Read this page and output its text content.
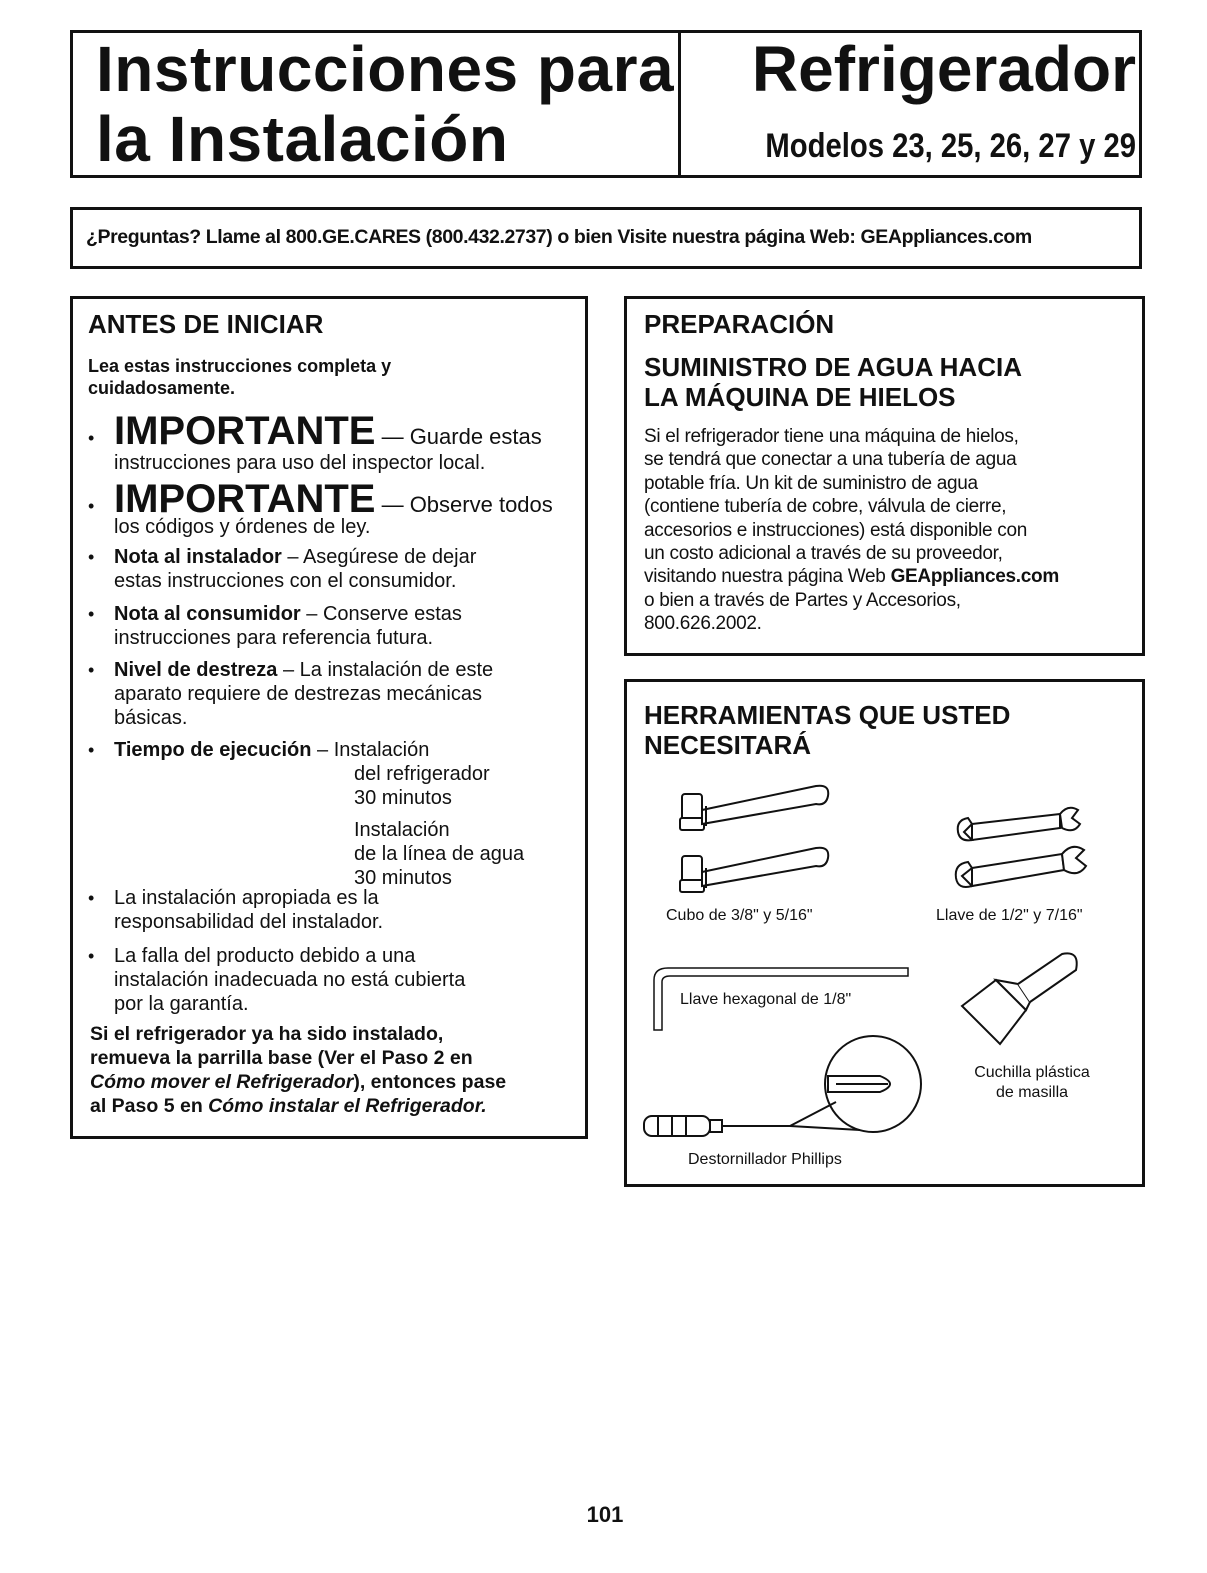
Instrucciones para
la Instalación
Refrigerador
Modelos 23, 25, 26, 27 y 29
¿Preguntas? Llame al 800.GE.CARES (800.432.2737) o bien Visite nuestra página Web: GEAppliances.com
ANTES DE INICIAR
Lea estas instrucciones completa y
cuidadosamente.
• IMPORTANTE — Guarde estas
instrucciones para uso del inspector local.
• IMPORTANTE — Observe todos
los códigos y órdenes de ley.
• Nota al instalador – Asegúrese de dejar
estas instrucciones con el consumidor.
• Nota al consumidor – Conserve estas
instrucciones para referencia futura.
• Nivel de destreza – La instalación de este
aparato requiere de destrezas mecánicas
básicas.
• Tiempo de ejecución – Instalación
del refrigerador
30 minutos
Instalación
de la línea de agua
30 minutos
• La instalación apropiada es la
responsabilidad del instalador.
• La falla del producto debido a una
instalación inadecuada no está cubierta
por la garantía.
Si el refrigerador ya ha sido instalado,
remueva la parrilla base (Ver el Paso 2 en
Cómo mover el Refrigerador), entonces pase
al Paso 5 en Cómo instalar el Refrigerador.
PREPARACIÓN
SUMINISTRO DE AGUA HACIA
LA MÁQUINA DE HIELOS
Si el refrigerador tiene una máquina de hielos,
se tendrá que conectar a una tubería de agua
potable fría. Un kit de suministro de agua
(contiene tubería de cobre, válvula de cierre,
accesorios e instrucciones) está disponible con
un costo adicional a través de su proveedor,
visitando nuestra página Web GEAppliances.com
o bien a través de Partes y Accesorios,
800.626.2002.
HERRAMIENTAS QUE USTED
NECESITARÁ
Cubo de 3/8" y 5/16"	Llave de 1/2" y 7/16"
Llave hexagonal de 1/8"
Cuchilla plástica
de masilla
Destornillador Phillips
101
